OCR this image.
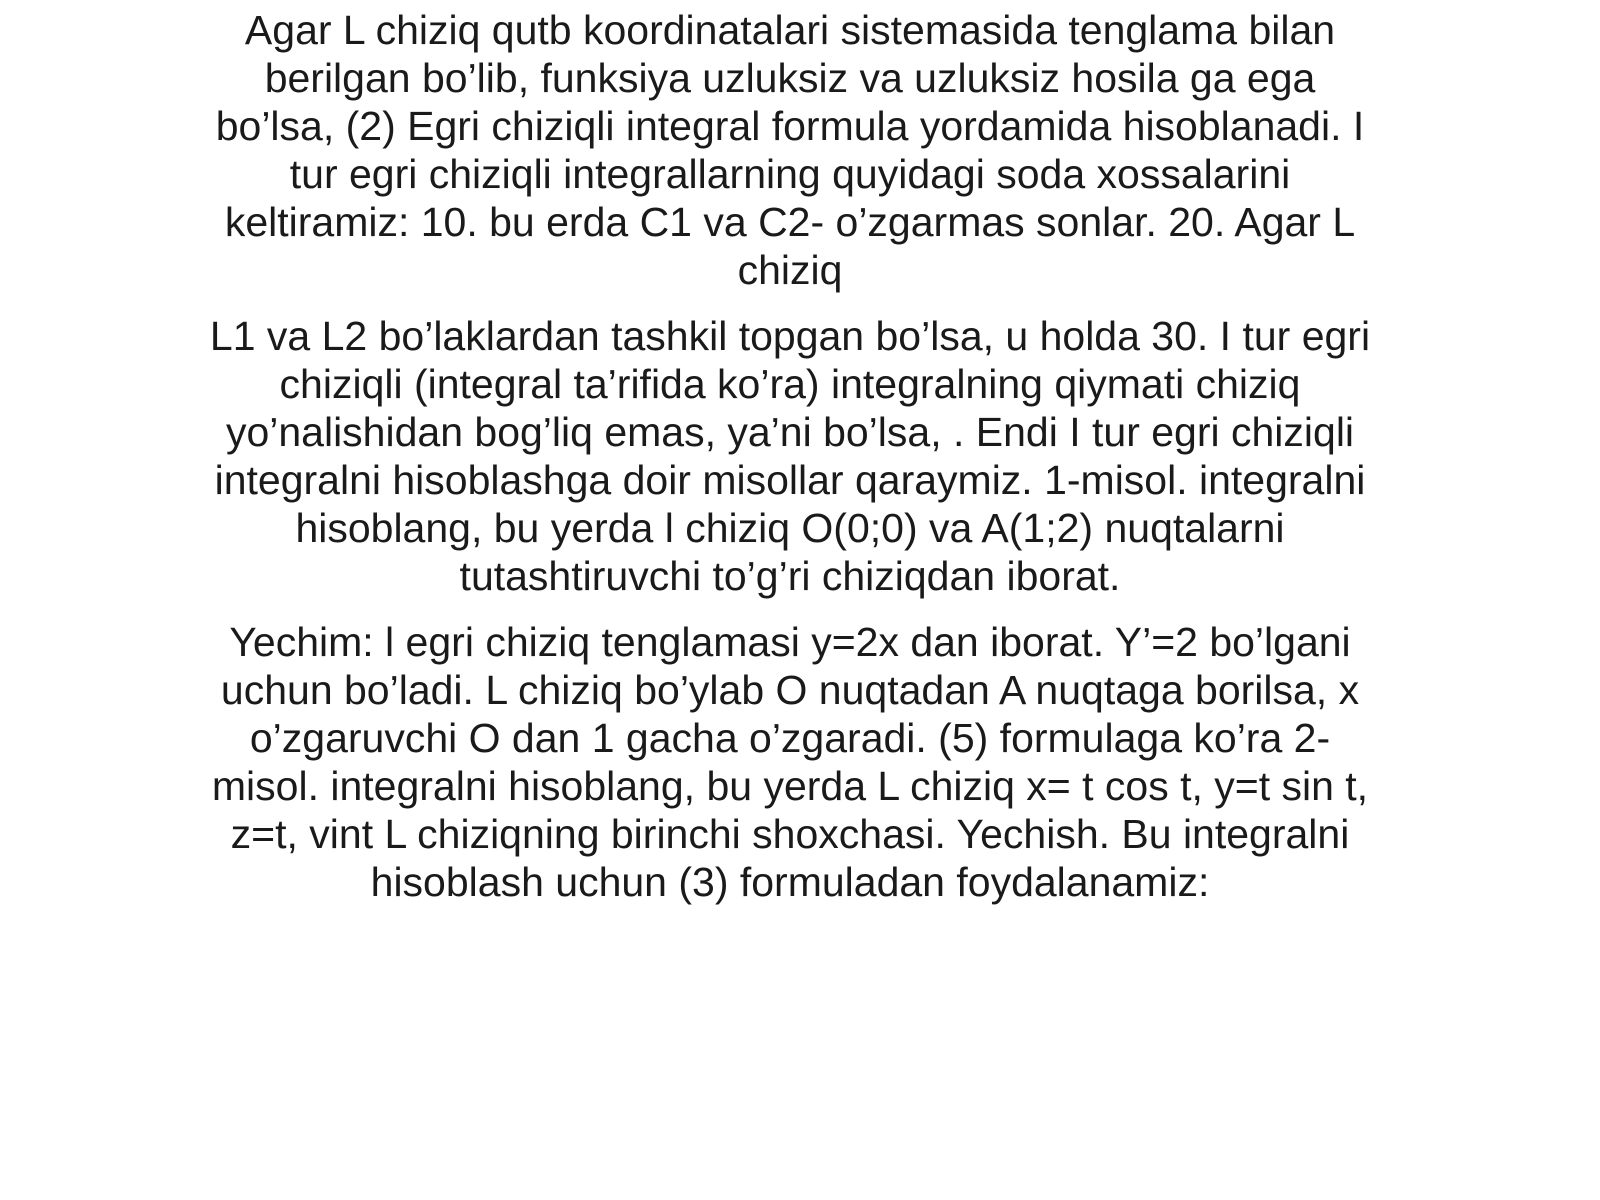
Agar L chiziq qutb koordinatalari sistemasida tenglama bilan berilgan bo’lib, funksiya uzluksiz va uzluksiz hosila ga ega bo’lsa, (2) Egri chiziqli integral formula yordamida hisoblanadi. I tur egri chiziqli integrallarning quyidagi soda xossalarini keltiramiz: 10. bu erda C1 va C2- o’zgarmas sonlar. 20. Agar L chiziq

L1 va L2 bo’laklardan tashkil topgan bo’lsa, u holda 30. I tur egri chiziqli (integral ta’rifida ko’ra) integralning qiymati chiziq yo’nalishidan bog’liq emas, ya’ni bo’lsa, . Endi I tur egri chiziqli integralni hisoblashga doir misollar qaraymiz. 1-misol. integralni hisoblang, bu yerda l chiziq O(0;0) va A(1;2) nuqtalarni tutashtiruvchi to’g’ri chiziqdan iborat.

Yechim: l egri chiziq tenglamasi y=2x dan iborat. Y’=2 bo’lgani uchun bo’ladi. L chiziq bo’ylab O nuqtadan A nuqtaga borilsa, x o’zgaruvchi O dan 1 gacha o’zgaradi. (5) formulaga ko’ra 2- misol. integralni hisoblang, bu yerda L chiziq x= t cos t, y=t sin t, z=t, vint L chiziqning birinchi shoxchasi. Yechish. Bu integralni hisoblash uchun (3) formuladan foydalanamiz:
